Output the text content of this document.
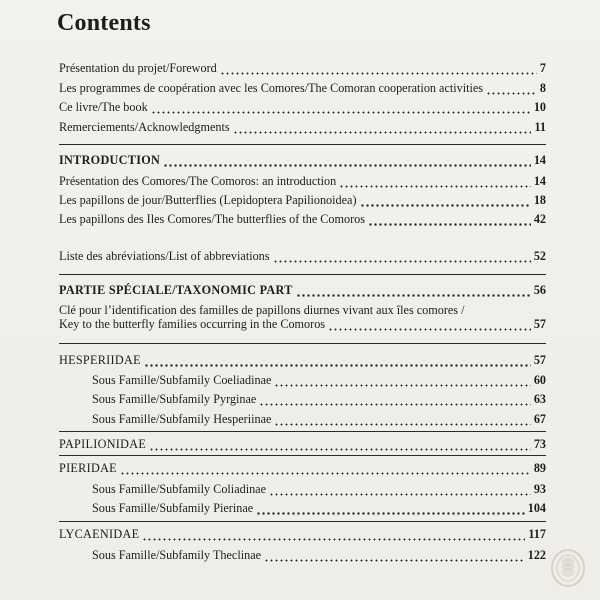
Contents
Présentation du projet/Foreword	7
Les programmes de coopération avec les Comores/The Comoran cooperation activities	8
Ce livre/The book	10
Remerciements/Acknowledgments	11
INTRODUCTION	14
Présentation des Comores/The Comoros: an introduction	14
Les papillons de jour/Butterflies (Lepidoptera Papilionoidea)	18
Les papillons des Iles Comores/The butterflies of the Comoros	42
Liste des abréviations/List of abbreviations	52
PARTIE SPÉCIALE/TAXONOMIC PART	56
Clé pour l’identification des familles de papillons diurnes vivant aux îles comores /
Key to the butterfly families occurring in the Comoros	57
HESPERIIDAE	57
Sous Famille/Subfamily Coeliadinae	60
Sous Famille/Subfamily Pyrginae	63
Sous Famille/Subfamily Hesperiinae	67
PAPILIONIDAE	73
PIERIDAE	89
Sous Famille/Subfamily Coliadinae	93
Sous Famille/Subfamily Pierinae	104
LYCAENIDAE	117
Sous Famille/Subfamily Theclinae	122
